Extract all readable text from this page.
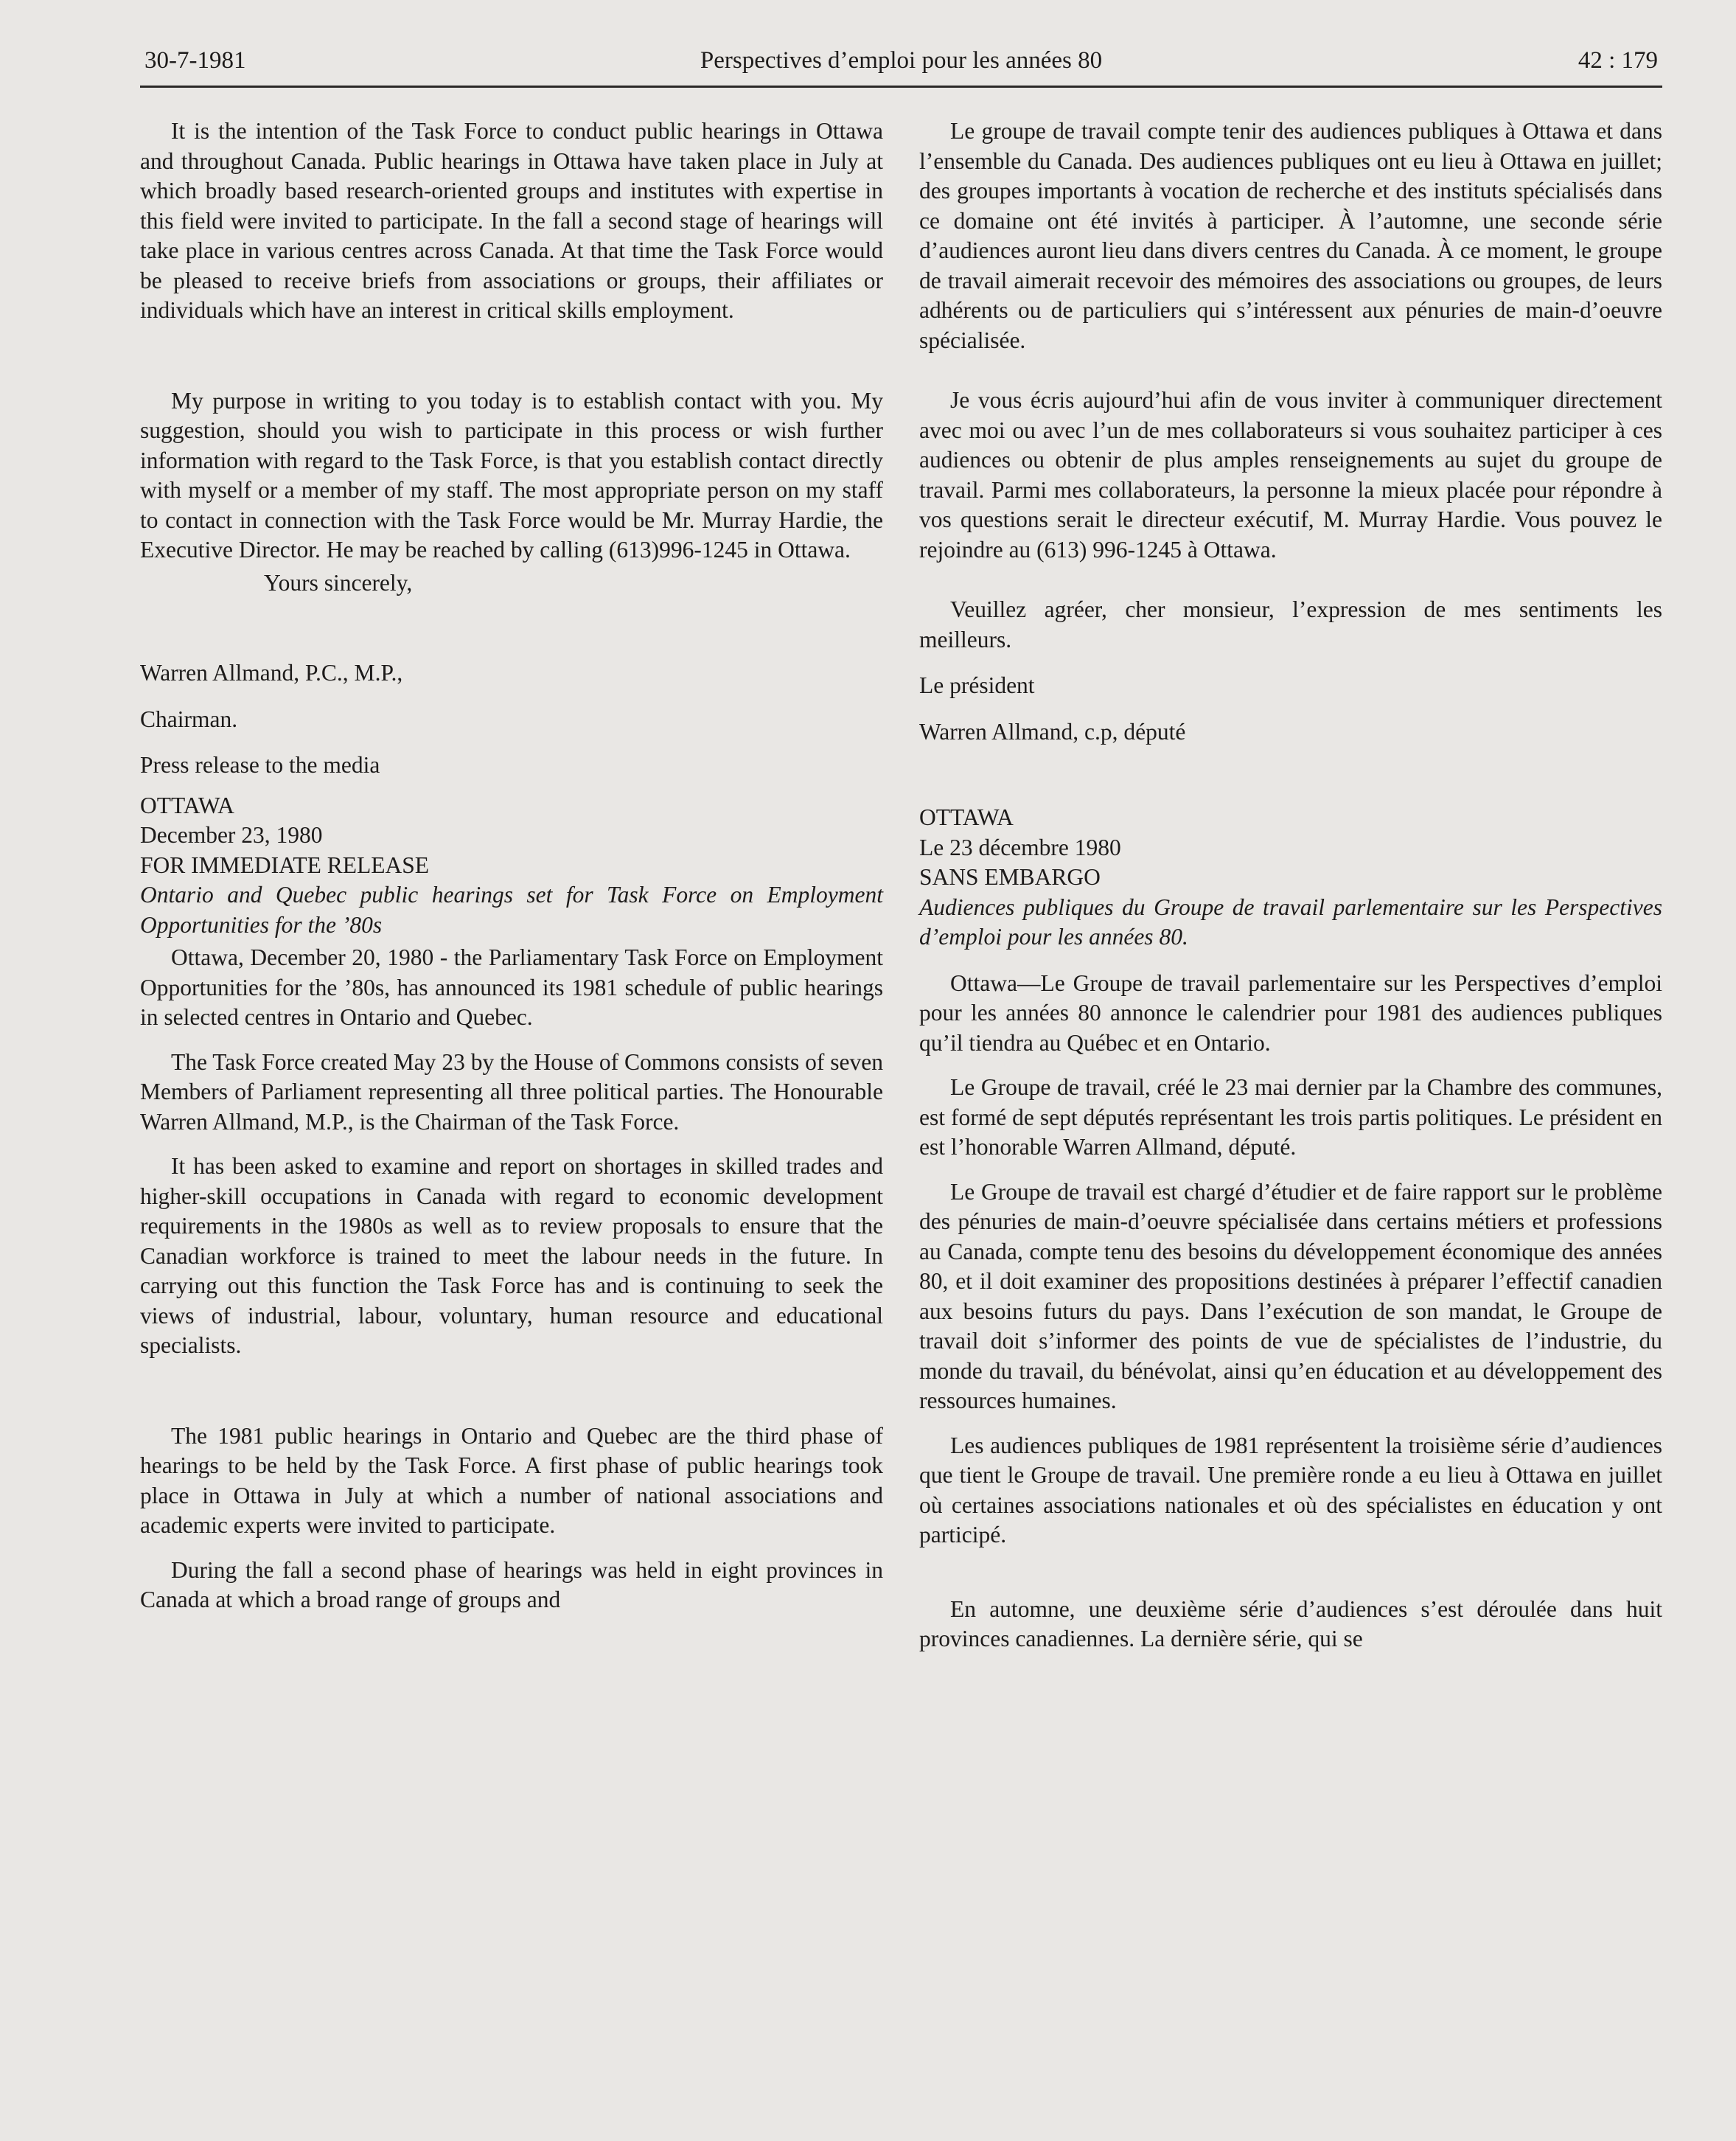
30-7-1981	Perspectives d’emploi pour les années 80	42 : 179

It is the intention of the Task Force to conduct public hearings in Ottawa and throughout Canada. Public hearings in Ottawa have taken place in July at which broadly based research-oriented groups and institutes with expertise in this field were invited to participate. In the fall a second stage of hearings will take place in various centres across Canada. At that time the Task Force would be pleased to receive briefs from associations or groups, their affiliates or individuals which have an interest in critical skills employment.

My purpose in writing to you today is to establish contact with you. My suggestion, should you wish to participate in this process or wish further information with regard to the Task Force, is that you establish contact directly with myself or a member of my staff. The most appropriate person on my staff to contact in connection with the Task Force would be Mr. Murray Hardie, the Executive Director. He may be reached by calling (613)996-1245 in Ottawa.

Yours sincerely,

Warren Allmand, P.C., M.P.,

Chairman.

Press release to the media

OTTAWA

December 23, 1980

FOR IMMEDIATE RELEASE

Ontario and Quebec public hearings set for Task Force on Employment Opportunities for the ’80s

Ottawa, December 20, 1980 - the Parliamentary Task Force on Employment Opportunities for the ’80s, has announced its 1981 schedule of public hearings in selected centres in Ontario and Quebec.

The Task Force created May 23 by the House of Commons consists of seven Members of Parliament representing all three political parties. The Honourable Warren Allmand, M.P., is the Chairman of the Task Force.

It has been asked to examine and report on shortages in skilled trades and higher-skill occupations in Canada with regard to economic development requirements in the 1980s as well as to review proposals to ensure that the Canadian workforce is trained to meet the labour needs in the future. In carrying out this function the Task Force has and is continuing to seek the views of industrial, labour, voluntary, human resource and educational specialists.

The 1981 public hearings in Ontario and Quebec are the third phase of hearings to be held by the Task Force. A first phase of public hearings took place in Ottawa in July at which a number of national associations and academic experts were invited to participate.

During the fall a second phase of hearings was held in eight provinces in Canada at which a broad range of groups and

Le groupe de travail compte tenir des audiences publiques à Ottawa et dans l’ensemble du Canada. Des audiences publiques ont eu lieu à Ottawa en juillet; des groupes importants à vocation de recherche et des instituts spécialisés dans ce domaine ont été invités à participer. À l’automne, une seconde série d’audiences auront lieu dans divers centres du Canada. À ce moment, le groupe de travail aimerait recevoir des mémoires des associations ou groupes, de leurs adhérents ou de particuliers qui s’intéressent aux pénuries de main-d’oeuvre spécialisée.

Je vous écris aujourd’hui afin de vous inviter à communiquer directement avec moi ou avec l’un de mes collaborateurs si vous souhaitez participer à ces audiences ou obtenir de plus amples renseignements au sujet du groupe de travail. Parmi mes collaborateurs, la personne la mieux placée pour répondre à vos questions serait le directeur exécutif, M. Murray Hardie. Vous pouvez le rejoindre au (613) 996-1245 à Ottawa.

Veuillez agréer, cher monsieur, l’expression de mes sentiments les meilleurs.

Le président

Warren Allmand, c.p, député

OTTAWA

Le 23 décembre 1980

SANS EMBARGO

Audiences publiques du Groupe de travail parlementaire sur les Perspectives d’emploi pour les années 80.

Ottawa—Le Groupe de travail parlementaire sur les Perspectives d’emploi pour les années 80 annonce le calendrier pour 1981 des audiences publiques qu’il tiendra au Québec et en Ontario.

Le Groupe de travail, créé le 23 mai dernier par la Chambre des communes, est formé de sept députés représentant les trois partis politiques. Le président en est l’honorable Warren Allmand, député.

Le Groupe de travail est chargé d’étudier et de faire rapport sur le problème des pénuries de main-d’oeuvre spécialisée dans certains métiers et professions au Canada, compte tenu des besoins du développement économique des années 80, et il doit examiner des propositions destinées à préparer l’effectif canadien aux besoins futurs du pays. Dans l’exécution de son mandat, le Groupe de travail doit s’informer des points de vue de spécialistes de l’industrie, du monde du travail, du bénévolat, ainsi qu’en éducation et au développement des ressources humaines.

Les audiences publiques de 1981 représentent la troisième série d’audiences que tient le Groupe de travail. Une première ronde a eu lieu à Ottawa en juillet où certaines associations nationales et où des spécialistes en éducation y ont participé.

En automne, une deuxième série d’audiences s’est déroulée dans huit provinces canadiennes. La dernière série, qui se
